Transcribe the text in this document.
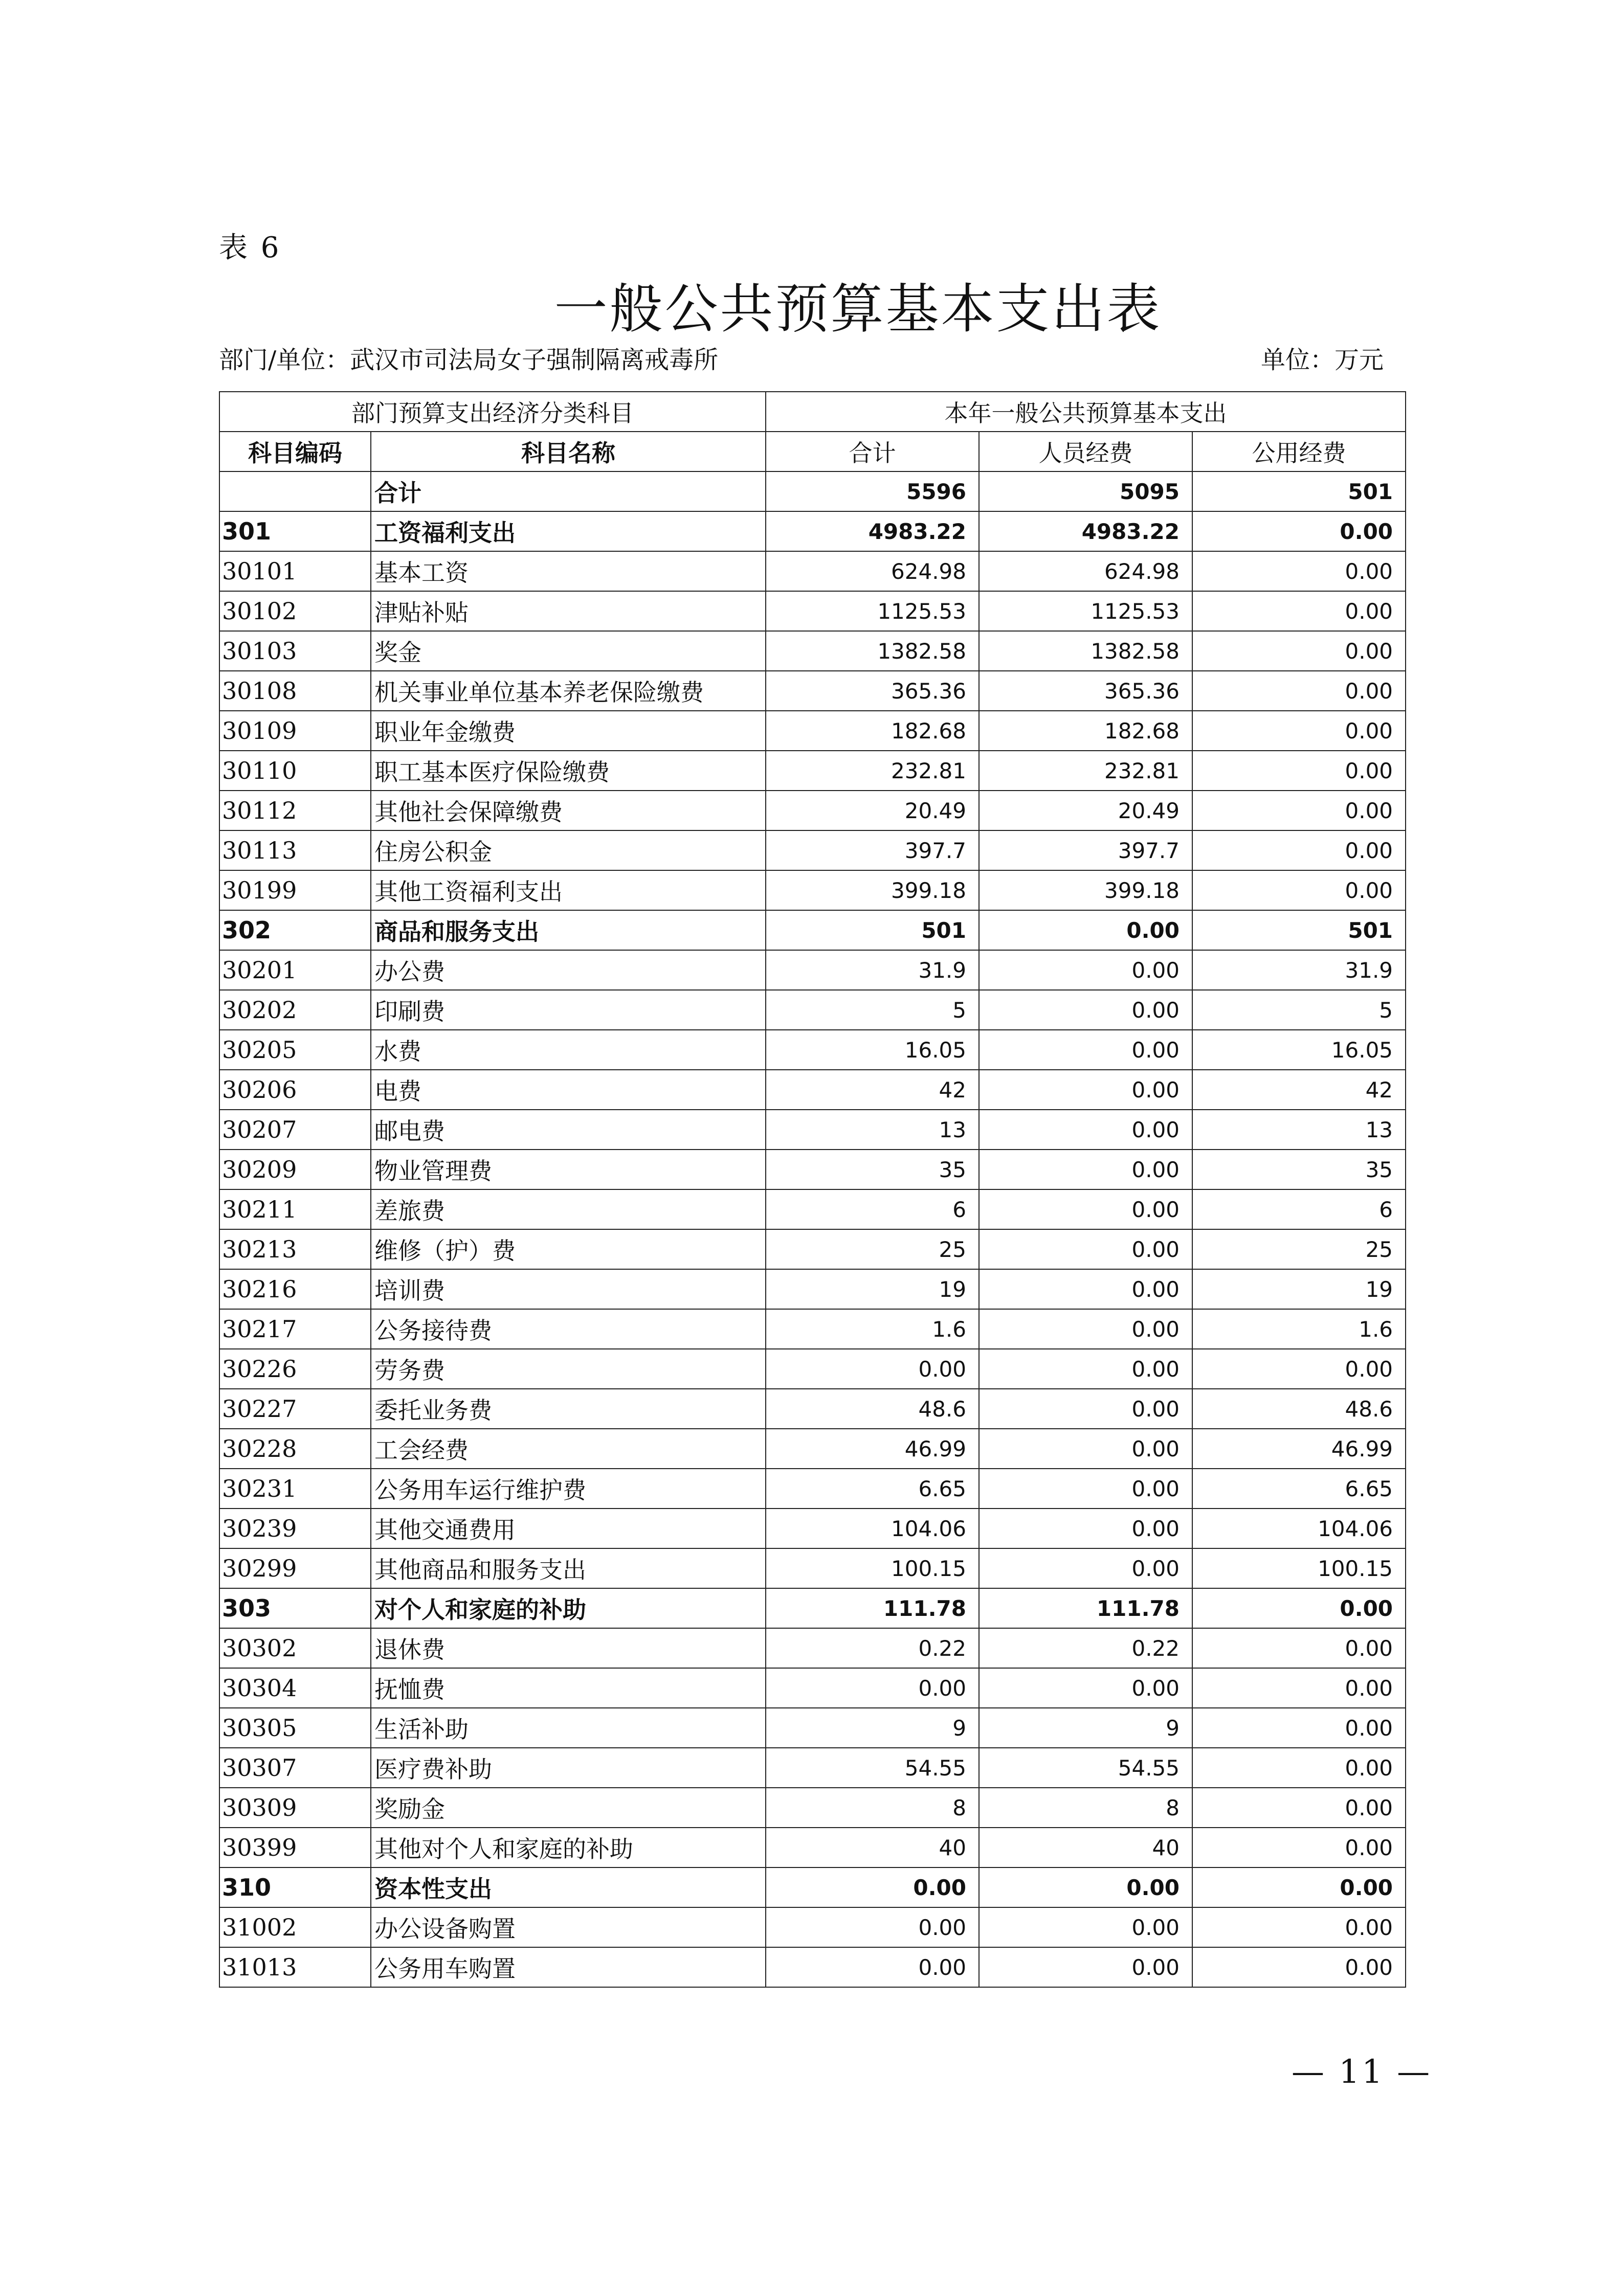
表 6
一般公共预算基本支出表
部门/单位：武汉市司法局女子强制隔离戒毒所	单位：万元
部门预算支出经济分类科目		本年一般公共预算基本支出		
科目编码	科目名称	合计	人员经费	公用经费
	合计	5596	5095	501
301	工资福利支出	4983.22	4983.22	0.00
30101	基本工资	624.98	624.98	0.00
30102	津贴补贴	1125.53	1125.53	0.00
30103	奖金	1382.58	1382.58	0.00
30108	机关事业单位基本养老保险缴费	365.36	365.36	0.00
30109	职业年金缴费	182.68	182.68	0.00
30110	职工基本医疗保险缴费	232.81	232.81	0.00
30112	其他社会保障缴费	20.49	20.49	0.00
30113	住房公积金	397.7	397.7	0.00
30199	其他工资福利支出	399.18	399.18	0.00
302	商品和服务支出	501	0.00	501
30201	办公费	31.9	0.00	31.9
30202	印刷费	5	0.00	5
30205	水费	16.05	0.00	16.05
30206	电费	42	0.00	42
30207	邮电费	13	0.00	13
30209	物业管理费	35	0.00	35
30211	差旅费	6	0.00	6
30213	维修（护）费	25	0.00	25
30216	培训费	19	0.00	19
30217	公务接待费	1.6	0.00	1.6
30226	劳务费	0.00	0.00	0.00
30227	委托业务费	48.6	0.00	48.6
30228	工会经费	46.99	0.00	46.99
30231	公务用车运行维护费	6.65	0.00	6.65
30239	其他交通费用	104.06	0.00	104.06
30299	其他商品和服务支出	100.15	0.00	100.15
303	对个人和家庭的补助	111.78	111.78	0.00
30302	退休费	0.22	0.22	0.00
30304	抚恤费	0.00	0.00	0.00
30305	生活补助	9	9	0.00
30307	医疗费补助	54.55	54.55	0.00
30309	奖励金	8	8	0.00
30399	其他对个人和家庭的补助	40	40	0.00
310	资本性支出	0.00	0.00	0.00
31002	办公设备购置	0.00	0.00	0.00
31013	公务用车购置	0.00	0.00	0.00
— 11 —
